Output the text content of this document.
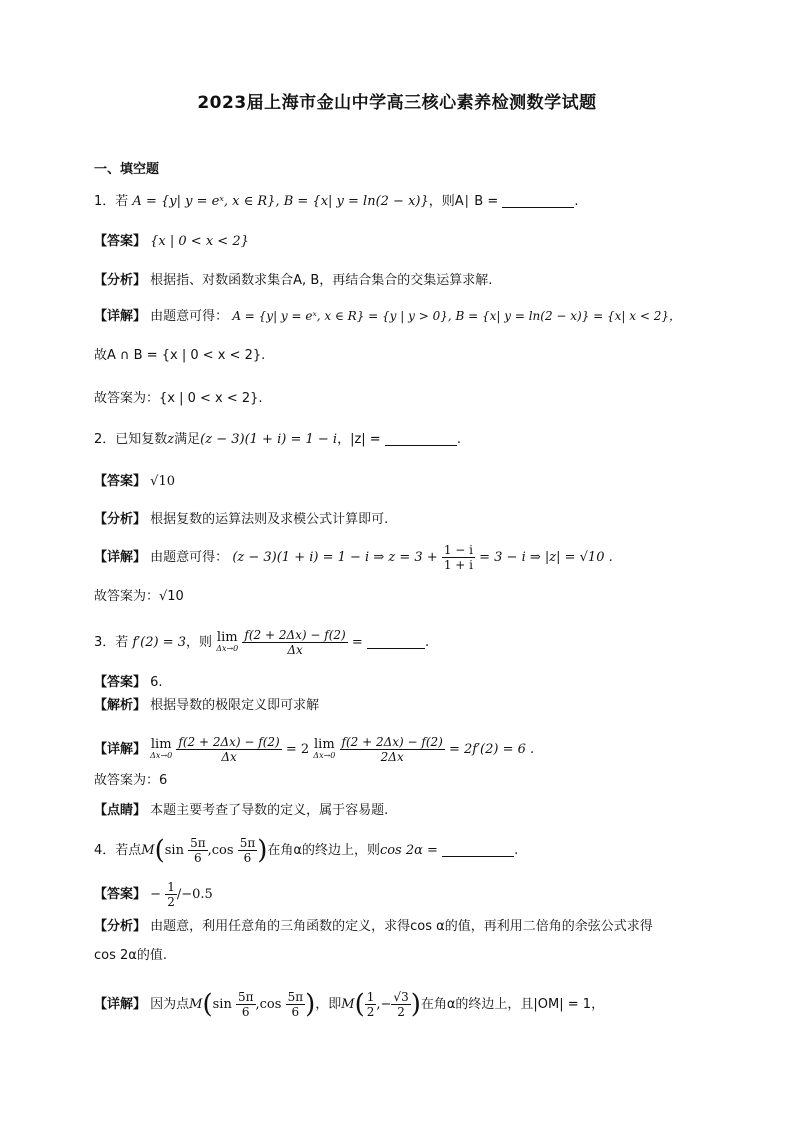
2023届上海市金山中学高三核心素养检测数学试题
一、填空题
1．若 A = {y| y = eˣ, x ∈ R}, B = {x| y = ln(2 − x)}，则A∣ B =	.
【答案】 {x | 0 < x < 2}
【分析】 根据指、对数函数求集合A, B，再结合集合的交集运算求解.
【详解】 由题意可得： A = {y| y = eˣ, x ∈ R} = {y | y > 0}, B = {x| y = ln(2 − x)} = {x| x < 2}，
故A ∩ B = {x | 0 < x < 2}.
故答案为：{x | 0 < x < 2}.
2．已知复数z满足(z − 3)(1 + i) = 1 − i，|z| =	.
【答案】 √10
【分析】 根据复数的运算法则及求模公式计算即可.
【详解】 由题意可得： (z − 3)(1 + i) = 1 − i ⇒ $z = 3 + \frac{1 - i}{1 + i} = 3 - i$ ⇒ |z| = √10 .
故答案为：√10
3．若 f′(2) = 3，则 lim
Δx→0
$\frac{f(2 + 2\Delta x) - f(2)}{\Delta x}$ =	.
【答案】 6.
【解析】 根据导数的极限定义即可求解
【详解】 lim
Δx→0
$\frac{f(2 + 2\Delta x) - f(2)}{\Delta x} = 2$ lim
Δx→0
$\frac{f(2 + 2\Delta x) - f(2)}{2\Delta x} = 2f'(2) = 6$ .
故答案为：6
【点睛】 本题主要考查了导数的定义，属于容易题.
4．若点$M(\sin \frac{5\pi}{6} ,\cos \frac{5\pi}{6}$ )在角α的终边上，则cos 2α =	.
【答案】 − $\frac{1}{2} /-0.5$
【分析】 由题意，利用任意角的三角函数的定义，求得cos α的值，再利用二倍角的余弦公式求得
cos 2α的值.
【详解】 因为点$M(\sin \frac{5\pi}{6} ,\cos \frac{5\pi}{6}$ )，即$M( \frac{1}{2}$ ,− $\frac{√3}{2}$ )在角α的终边上，且|OM| = 1，
